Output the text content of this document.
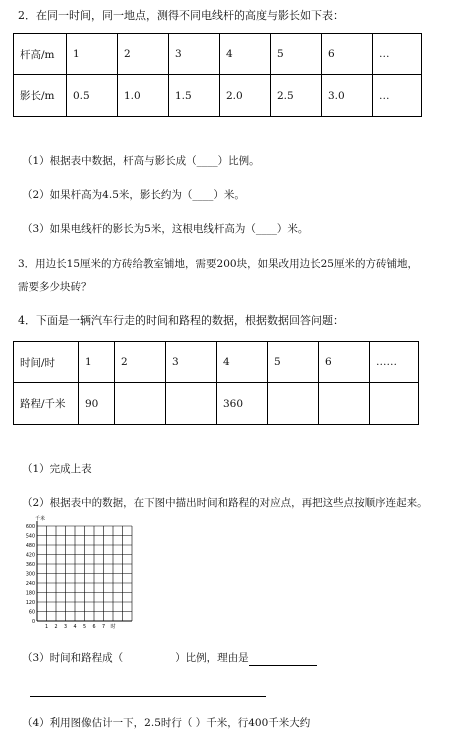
2．在同一时间，同一地点，测得不同电线杆的高度与影长如下表：
杆高/m	1	2	3	4	5	6	…
影长/m	0.5	1.0	1.5	2.0	2.5	3.0	…
（1）根据表中数据，杆高与影长成（____）比例。
（2）如果杆高为4.5米，影长约为（____）米。
（3）如果电线杆的影长为5米，这根电线杆高为（____）米。
3．用边长15厘米的方砖给教室铺地，需要200块，如果改用边长25厘米的方砖铺地，
需要多少块砖？
4．下面是一辆汽车行走的时间和路程的数据，根据数据回答问题：
时间/时	1	2	3	4	5	6	……
路程/千米	90			360			
（1）完成上表
（2）根据表中的数据，在下图中描出时间和路程的对应点，再把这些点按顺序连起来。
千米
600
540
480
420
360
300
240
180
120
60
0
1 2 3 4 5 6 7 时
（3）时间和路程成（	）比例，理由是
（4）利用图像估计一下，2.5时行（ ）千米，行400千米大约
